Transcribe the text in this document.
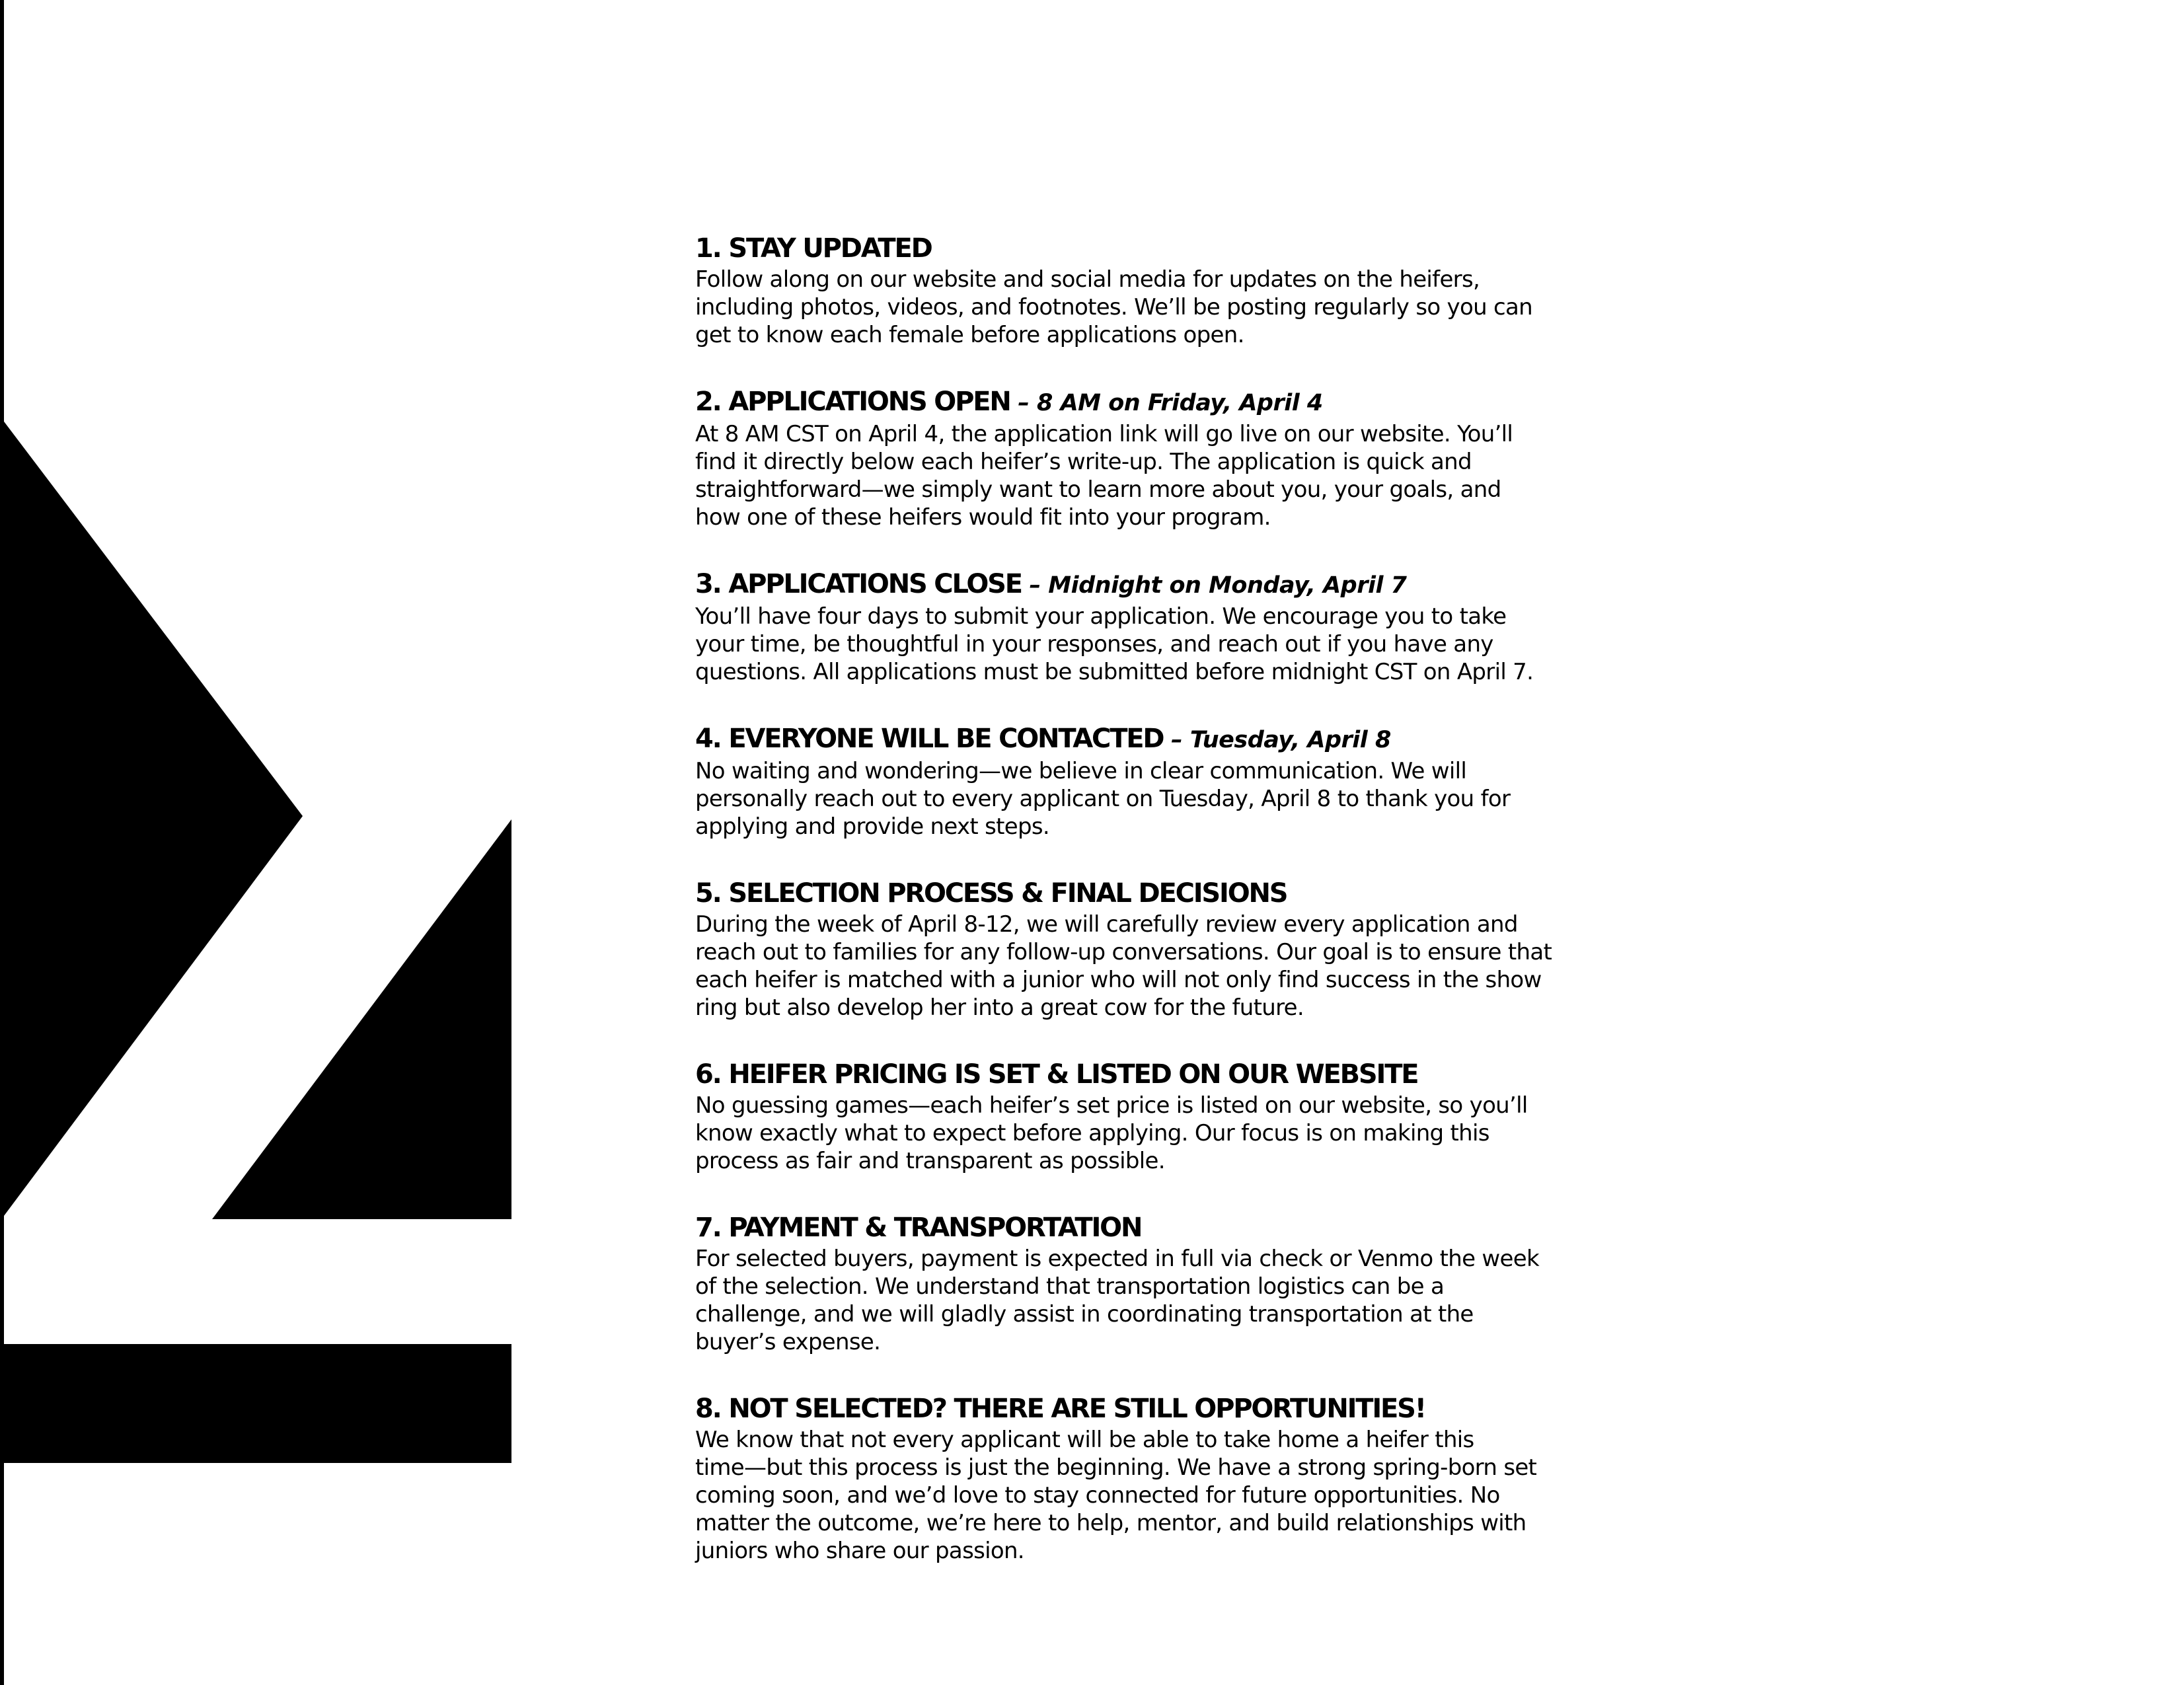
1. STAY UPDATED
Follow along on our website and social media for updates on the heifers,
including photos, videos, and footnotes. We’ll be posting regularly so you can
get to know each female before applications open.
2. APPLICATIONS OPEN – 8 AM on Friday, April 4
At 8 AM CST on April 4, the application link will go live on our website. You’ll
find it directly below each heifer’s write-up. The application is quick and
straightforward—we simply want to learn more about you, your goals, and
how one of these heifers would fit into your program.
3. APPLICATIONS CLOSE – Midnight on Monday, April 7
You’ll have four days to submit your application. We encourage you to take
your time, be thoughtful in your responses, and reach out if you have any
questions. All applications must be submitted before midnight CST on April 7.
4. EVERYONE WILL BE CONTACTED – Tuesday, April 8
No waiting and wondering—we believe in clear communication. We will
personally reach out to every applicant on Tuesday, April 8 to thank you for
applying and provide next steps.
5. SELECTION PROCESS & FINAL DECISIONS
During the week of April 8-12, we will carefully review every application and
reach out to families for any follow-up conversations. Our goal is to ensure that
each heifer is matched with a junior who will not only find success in the show
ring but also develop her into a great cow for the future.
6. HEIFER PRICING IS SET & LISTED ON OUR WEBSITE
No guessing games—each heifer’s set price is listed on our website, so you’ll
know exactly what to expect before applying. Our focus is on making this
process as fair and transparent as possible.
7. PAYMENT & TRANSPORTATION
For selected buyers, payment is expected in full via check or Venmo the week
of the selection. We understand that transportation logistics can be a
challenge, and we will gladly assist in coordinating transportation at the
buyer’s expense.
8. NOT SELECTED? THERE ARE STILL OPPORTUNITIES!
We know that not every applicant will be able to take home a heifer this
time—but this process is just the beginning. We have a strong spring-born set
coming soon, and we’d love to stay connected for future opportunities. No
matter the outcome, we’re here to help, mentor, and build relationships with
juniors who share our passion.
